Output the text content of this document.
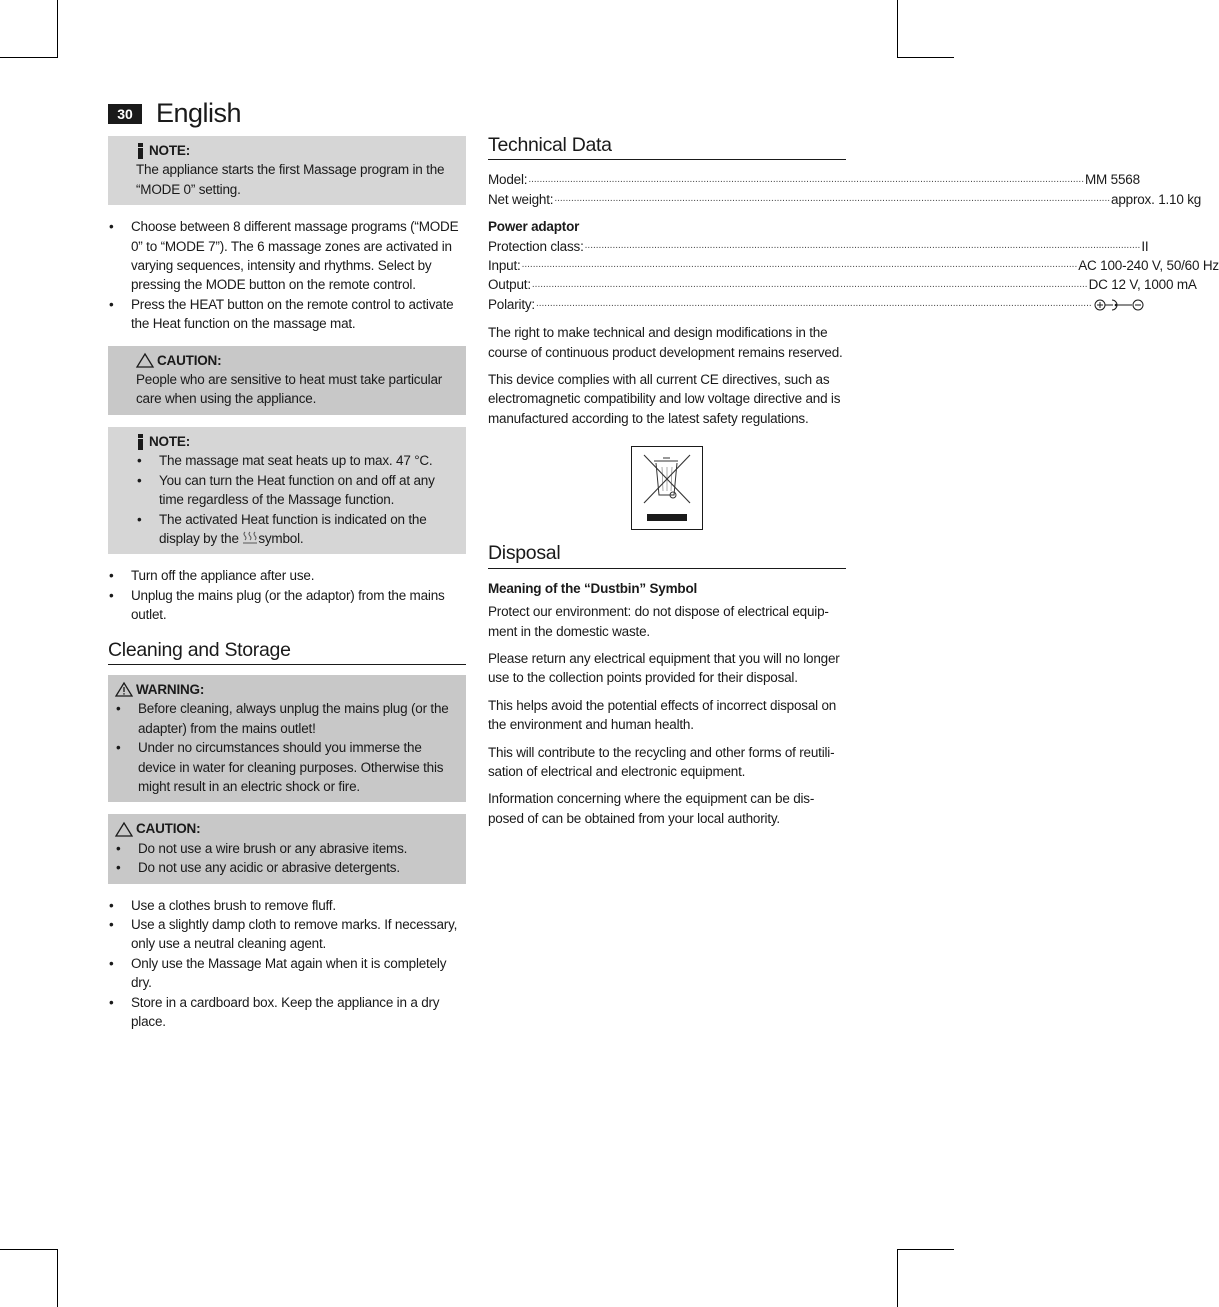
30 English
NOTE:
The appliance starts the first Massage program in the “MODE 0” setting.
• Choose between 8 different massage programs (“MODE 0” to “MODE 7”). The 6 massage zones are activated in varying sequences, intensity and rhythms. Select by pressing the MODE button on the remote control.
• Press the HEAT button on the remote control to activate the Heat function on the massage mat.
CAUTION:
People who are sensitive to heat must take particular care when using the appliance.
NOTE:
• The massage mat seat heats up to max. 47 °C.
• You can turn the Heat function on and off at any time regardless of the Massage function.
• The activated Heat function is indicated on the display by the symbol.
• Turn off the appliance after use.
• Unplug the mains plug (or the adaptor) from the mains outlet.
Cleaning and Storage
WARNING:
• Before cleaning, always unplug the mains plug (or the adapter) from the mains outlet!
• Under no circumstances should you immerse the device in water for cleaning purposes. Otherwise this might result in an electric shock or fire.
CAUTION:
• Do not use a wire brush or any abrasive items.
• Do not use any acidic or abrasive detergents.
• Use a clothes brush to remove fluff.
• Use a slightly damp cloth to remove marks. If necessary, only use a neutral cleaning agent.
• Only use the Massage Mat again when it is completely dry.
• Store in a cardboard box. Keep the appliance in a dry place.
Technical Data
Model: ........................................................................................................................................................................................................ MM 5568
Net weight: ........................................................................................................................................................................................................ approx. 1.10 kg
Power adaptor
Protection class: ........................................................................................................................................................................................................ II
Input: ........................................................................................................................................................................................................ AC 100-240 V, 50/60 Hz
Output: ........................................................................................................................................................................................................ DC 12 V, 1000 mA
Polarity: ........................................................................................................................................................................................................

The right to make technical and design modifications in the course of continuous product development remains reserved.

This device complies with all current CE directives, such as electromagnetic compatibility and low voltage directive and is manufactured according to the latest safety regulations.

Disposal
Meaning of the “Dustbin” Symbol

Protect our environment: do not dispose of electrical equip-ment in the domestic waste.

Please return any electrical equipment that you will no longer use to the collection points provided for their disposal.

This helps avoid the potential effects of incorrect disposal on the environment and human health.

This will contribute to the recycling and other forms of reutili-sation of electrical and electronic equipment.

Information concerning where the equipment can be dis-posed of can be obtained from your local authority.
